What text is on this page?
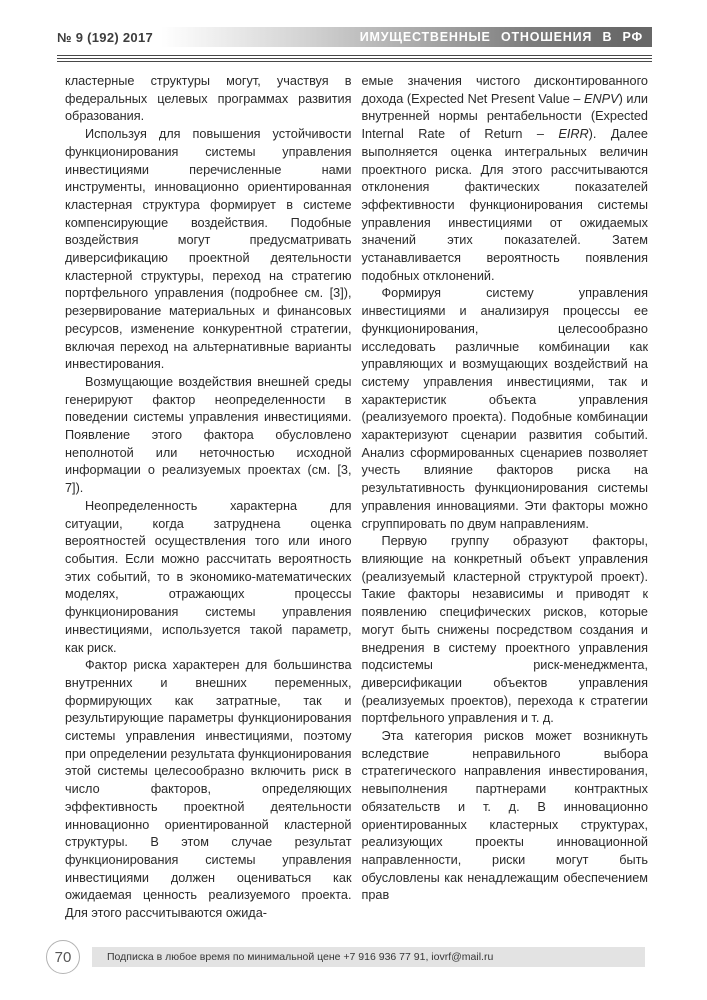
№ 9 (192) 2017	ИМУЩЕСТВЕННЫЕ ОТНОШЕНИЯ В РФ

кластерные структуры могут, участвуя в федеральных целевых программах развития образования.

Используя для повышения устойчивости функционирования системы управления инвестициями перечисленные нами инструменты, инновационно ориентированная кластерная структура формирует в системе компенсирующие воздействия. Подобные воздействия могут предусматривать диверсификацию проектной деятельности кластерной структуры, переход на стратегию портфельного управления (подробнее см. [3]), резервирование материальных и финансовых ресурсов, изменение конкурентной стратегии, включая переход на альтернативные варианты инвестирования.

Возмущающие воздействия внешней среды генерируют фактор неопределенности в поведении системы управления инвестициями. Появление этого фактора обусловлено неполнотой или неточностью исходной информации о реализуемых проектах (см. [3, 7]).

Неопределенность характерна для ситуации, когда затруднена оценка вероятностей осуществления того или иного события. Если можно рассчитать вероятность этих событий, то в экономико-математических моделях, отражающих процессы функционирования системы управления инвестициями, используется такой параметр, как риск.

Фактор риска характерен для большинства внутренних и внешних переменных, формирующих как затратные, так и результирующие параметры функционирования системы управления инвестициями, поэтому при определении результата функционирования этой системы целесообразно включить риск в число факторов, определяющих эффективность проектной деятельности инновационно ориентированной кластерной структуры. В этом случае результат функционирования системы управления инвестициями должен оцениваться как ожидаемая ценность реализуемого проекта. Для этого рассчитываются ожида-

емые значения чистого дисконтированного дохода (Expected Net Present Value – ENPV) или внутренней нормы рентабельности (Expected Internal Rate of Return – EIRR). Далее выполняется оценка интегральных величин проектного риска. Для этого рассчитываются отклонения фактических показателей эффективности функционирования системы управления инвестициями от ожидаемых значений этих показателей. Затем устанавливается вероятность появления подобных отклонений.

Формируя систему управления инвестициями и анализируя процессы ее функционирования, целесообразно исследовать различные комбинации как управляющих и возмущающих воздействий на систему управления инвестициями, так и характеристик объекта управления (реализуемого проекта). Подобные комбинации характеризуют сценарии развития событий. Анализ сформированных сценариев позволяет учесть влияние факторов риска на результативность функционирования системы управления инновациями. Эти факторы можно сгруппировать по двум направлениям.

Первую группу образуют факторы, влияющие на конкретный объект управления (реализуемый кластерной структурой проект). Такие факторы независимы и приводят к появлению специфических рисков, которые могут быть снижены посредством создания и внедрения в систему проектного управления подсистемы риск-менеджмента, диверсификации объектов управления (реализуемых проектов), перехода к стратегии портфельного управления и т. д.

Эта категория рисков может возникнуть вследствие неправильного выбора стратегического направления инвестирования, невыполнения партнерами контрактных обязательств и т. д. В инновационно ориентированных кластерных структурах, реализующих проекты инновационной направленности, риски могут быть обусловлены как ненадлежащим обеспечением прав

70	Подписка в любое время по минимальной цене +7 916 936 77 91, iovrf@mail.ru
